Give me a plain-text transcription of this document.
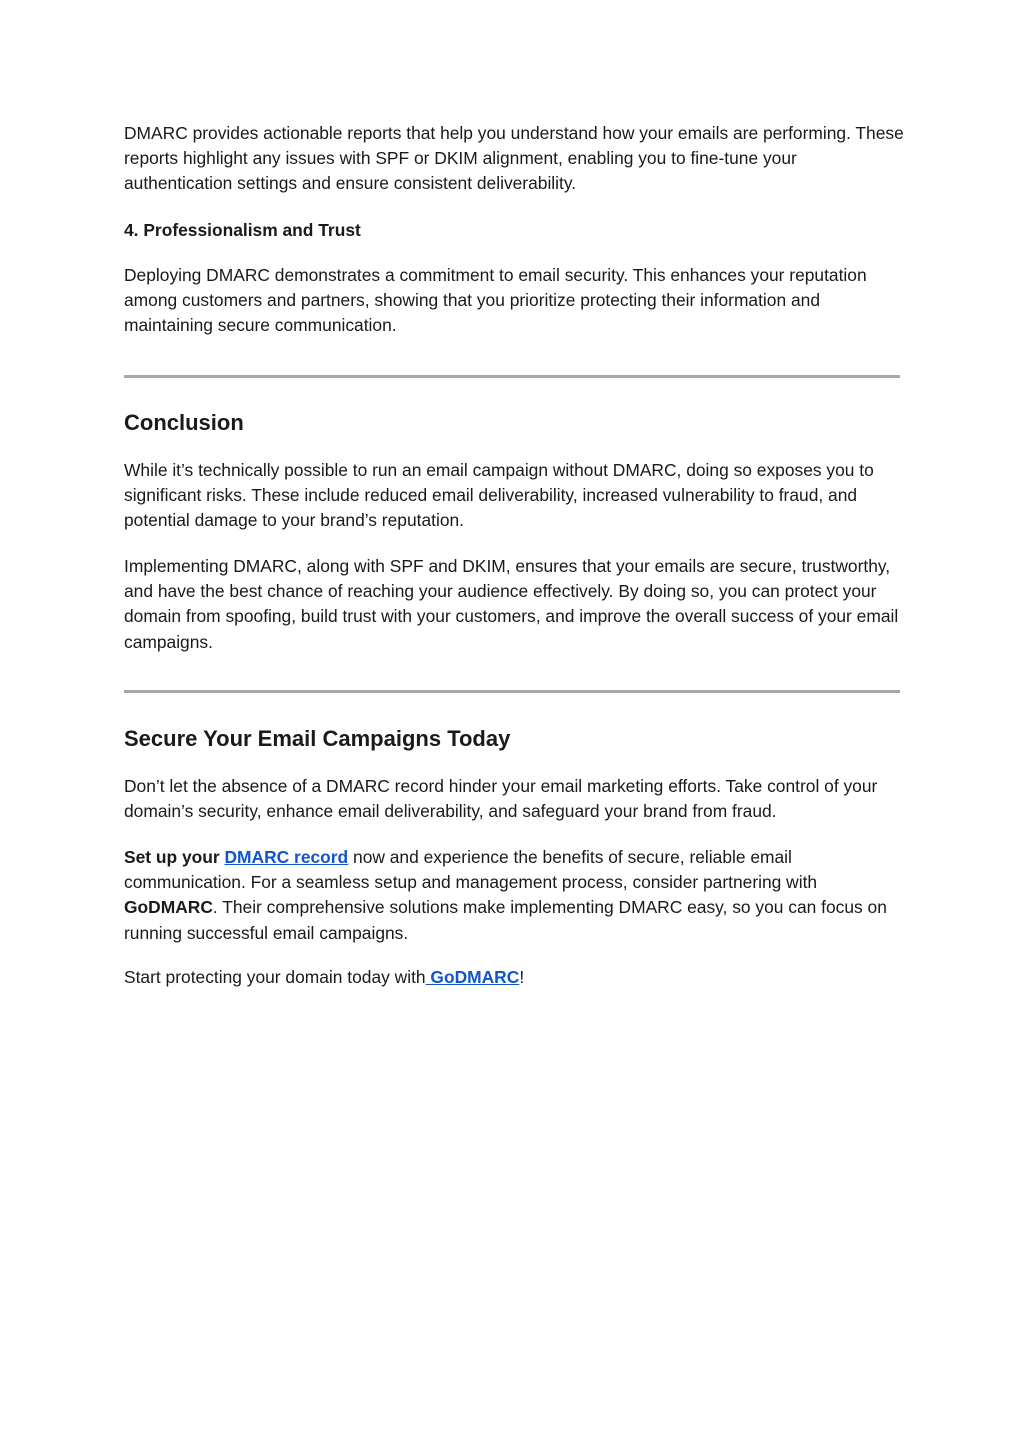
DMARC provides actionable reports that help you understand how your emails are performing. These reports highlight any issues with SPF or DKIM alignment, enabling you to fine-tune your authentication settings and ensure consistent deliverability.

4. Professionalism and Trust

Deploying DMARC demonstrates a commitment to email security. This enhances your reputation among customers and partners, showing that you prioritize protecting their information and maintaining secure communication.

Conclusion

While it’s technically possible to run an email campaign without DMARC, doing so exposes you to significant risks. These include reduced email deliverability, increased vulnerability to fraud, and potential damage to your brand’s reputation.

Implementing DMARC, along with SPF and DKIM, ensures that your emails are secure, trustworthy, and have the best chance of reaching your audience effectively. By doing so, you can protect your domain from spoofing, build trust with your customers, and improve the overall success of your email campaigns.

Secure Your Email Campaigns Today

Don’t let the absence of a DMARC record hinder your email marketing efforts. Take control of your domain’s security, enhance email deliverability, and safeguard your brand from fraud.

Set up your DMARC record now and experience the benefits of secure, reliable email communication. For a seamless setup and management process, consider partnering with GoDMARC. Their comprehensive solutions make implementing DMARC easy, so you can focus on running successful email campaigns.

Start protecting your domain today with GoDMARC!
